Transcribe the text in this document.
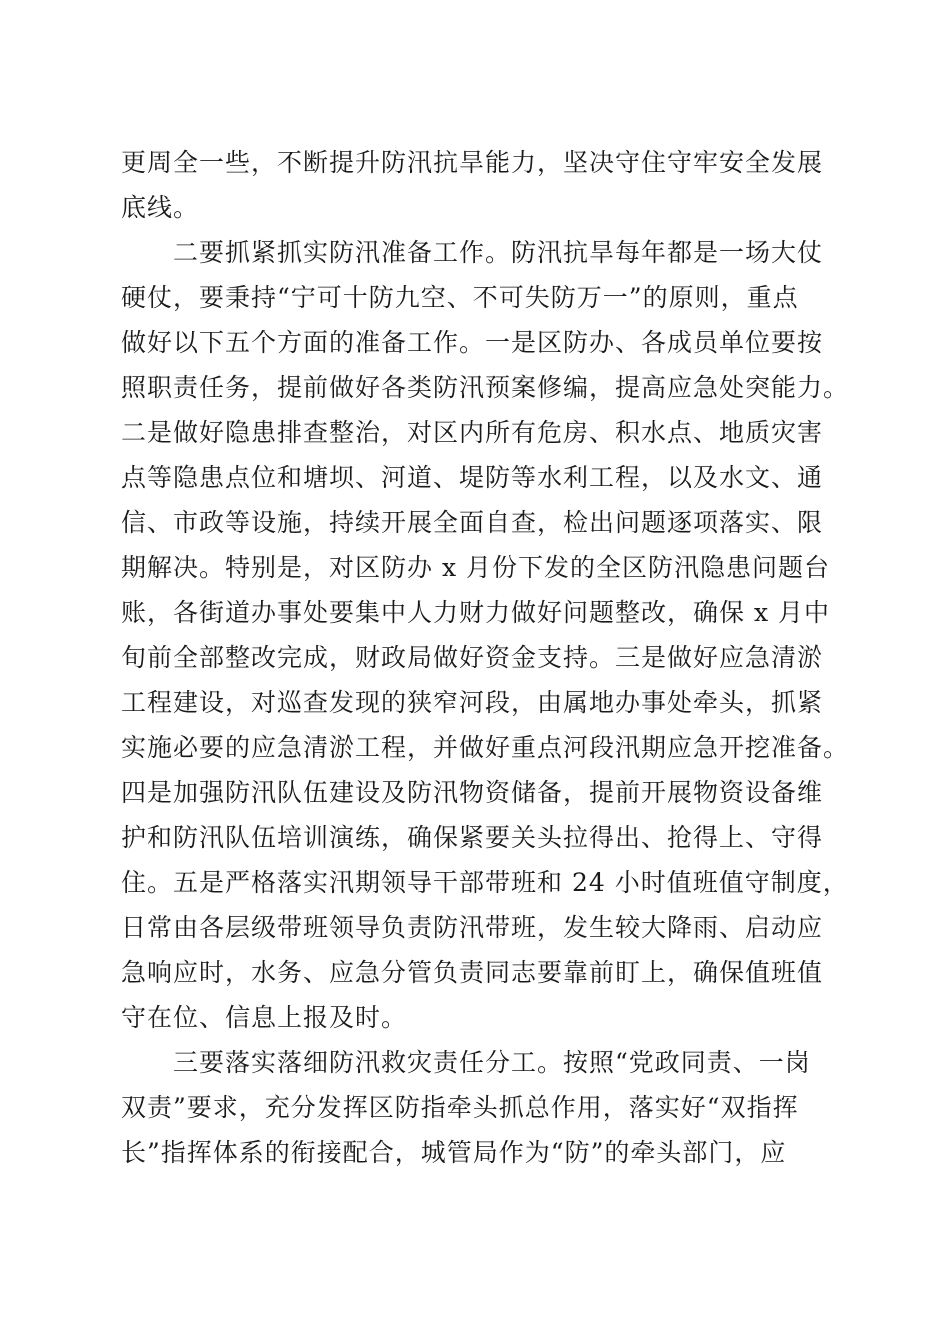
更周全一些，不断提升防汛抗旱能力，坚决守住守牢安全发展
底线。
　　二要抓紧抓实防汛准备工作。防汛抗旱每年都是一场大仗
硬仗，要秉持“宁可十防九空、不可失防万一”的原则，重点
做好以下五个方面的准备工作。一是区防办、各成员单位要按
照职责任务，提前做好各类防汛预案修编，提高应急处突能力。
二是做好隐患排查整治，对区内所有危房、积水点、地质灾害
点等隐患点位和塘坝、河道、堤防等水利工程，以及水文、通
信、市政等设施，持续开展全面自查，检出问题逐项落实、限
期解决。特别是，对区防办 x 月份下发的全区防汛隐患问题台
账，各街道办事处要集中人力财力做好问题整改，确保 x 月中
旬前全部整改完成，财政局做好资金支持。三是做好应急清淤
工程建设，对巡查发现的狭窄河段，由属地办事处牵头，抓紧
实施必要的应急清淤工程，并做好重点河段汛期应急开挖准备。
四是加强防汛队伍建设及防汛物资储备，提前开展物资设备维
护和防汛队伍培训演练，确保紧要关头拉得出、抢得上、守得
住。五是严格落实汛期领导干部带班和 24 小时值班值守制度，
日常由各层级带班领导负责防汛带班，发生较大降雨、启动应
急响应时，水务、应急分管负责同志要靠前盯上，确保值班值
守在位、信息上报及时。
　　三要落实落细防汛救灾责任分工。按照“党政同责、一岗
双责”要求，充分发挥区防指牵头抓总作用，落实好“双指挥
长”指挥体系的衔接配合，城管局作为“防”的牵头部门，应
